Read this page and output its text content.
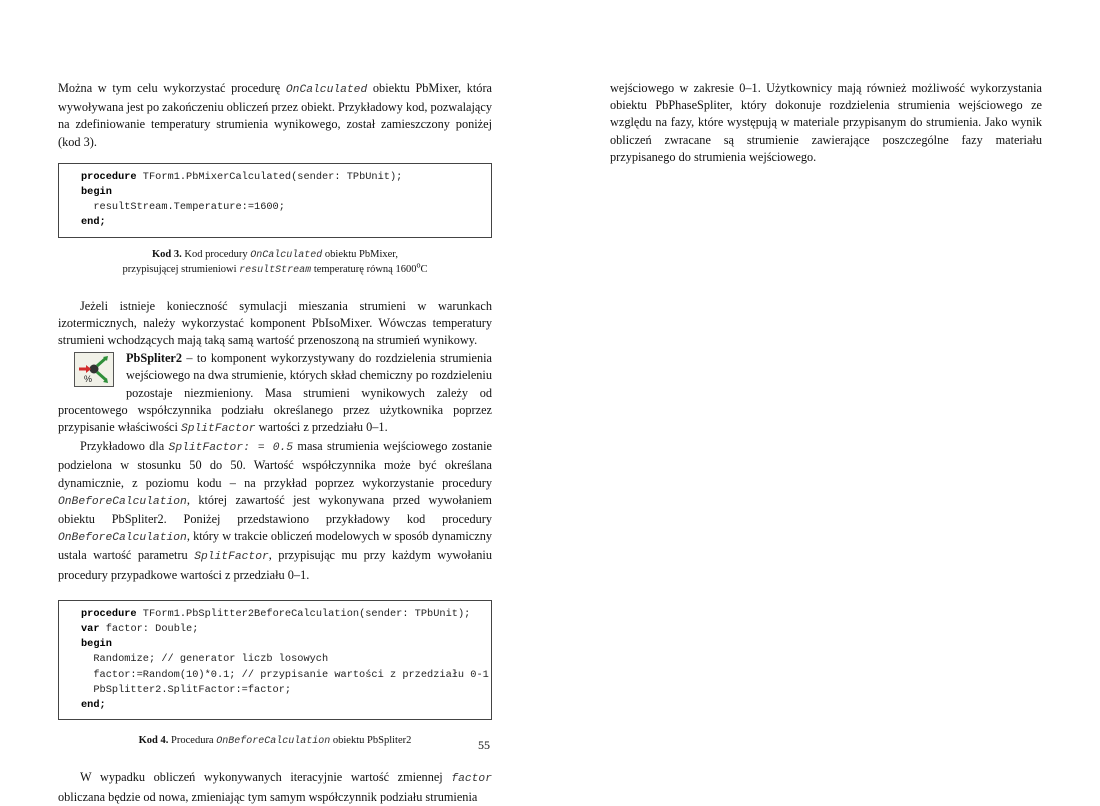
Można w tym celu wykorzystać procedurę OnCalculated obiektu PbMixer, która wywoływana jest po zakończeniu obliczeń przez obiekt. Przykładowy kod, pozwalający na zdefiniowanie temperatury strumienia wynikowego, został zamieszczony poniżej (kod 3).

procedure TForm1.PbMixerCalculated(sender: TPbUnit);
begin
resultStream.Temperature:=1600;
end;
Kod 3. Kod procedury OnCalculated obiektu PbMixer,
przypisującej strumieniowi resultStream temperaturę równą 1600$^o$C

Jeżeli istnieje konieczność symulacji mieszania strumieni w warunkach izotermicznych, należy wykorzystać komponent PbIsoMixer. Wówczas temperatury strumieni wchodzących mają taką samą wartość przenoszoną na strumień wynikowy.

%

PbSpliter2 – to komponent wykorzystywany do rozdzielenia strumienia wejściowego na dwa strumienie, których skład chemiczny po rozdzieleniu pozostaje niezmieniony. Masa strumieni wynikowych zależy od procentowego współczynnika podziału określanego przez użytkownika poprzez przypisanie właściwości SplitFactor wartości z przedziału 0–1.

Przykładowo dla SplitFactor: = 0.5 masa strumienia wejściowego zostanie podzielona w stosunku 50 do 50. Wartość współczynnika może być określana dynamicznie, z poziomu kodu – na przykład poprzez wykorzystanie procedury OnBeforeCalculation, której zawartość jest wykonywana przed wywołaniem obiektu PbSpliter2. Poniżej przedstawiono przykładowy kod procedury OnBeforeCalculation, który w trakcie obliczeń modelowych w sposób dynamiczny ustala wartość parametru SplitFactor, przypisując mu przy każdym wywołaniu procedury przypadkowe wartości z przedziału 0–1.

procedure TForm1.PbSplitter2BeforeCalculation(sender: TPbUnit);
var factor: Double;
begin
Randomize; // generator liczb losowych
factor:=Random(10)*0.1; // przypisanie wartości z przedziału 0-1
PbSplitter2.SplitFactor:=factor;
end;
Kod 4. Procedura OnBeforeCalculation obiektu PbSpliter2

W wypadku obliczeń wykonywanych iteracyjnie wartość zmiennej factor obliczana będzie od nowa, zmieniając tym samym współczynnik podziału strumienia

wejściowego w zakresie 0–1. Użytkownicy mają również możliwość wykorzystania obiektu PbPhaseSpliter, który dokonuje rozdzielenia strumienia wejściowego ze względu na fazy, które występują w materiale przypisanym do strumienia. Jako wynik obliczeń zwracane są strumienie zawierające poszczególne fazy materiału przypisanego do strumienia wejściowego.

55
